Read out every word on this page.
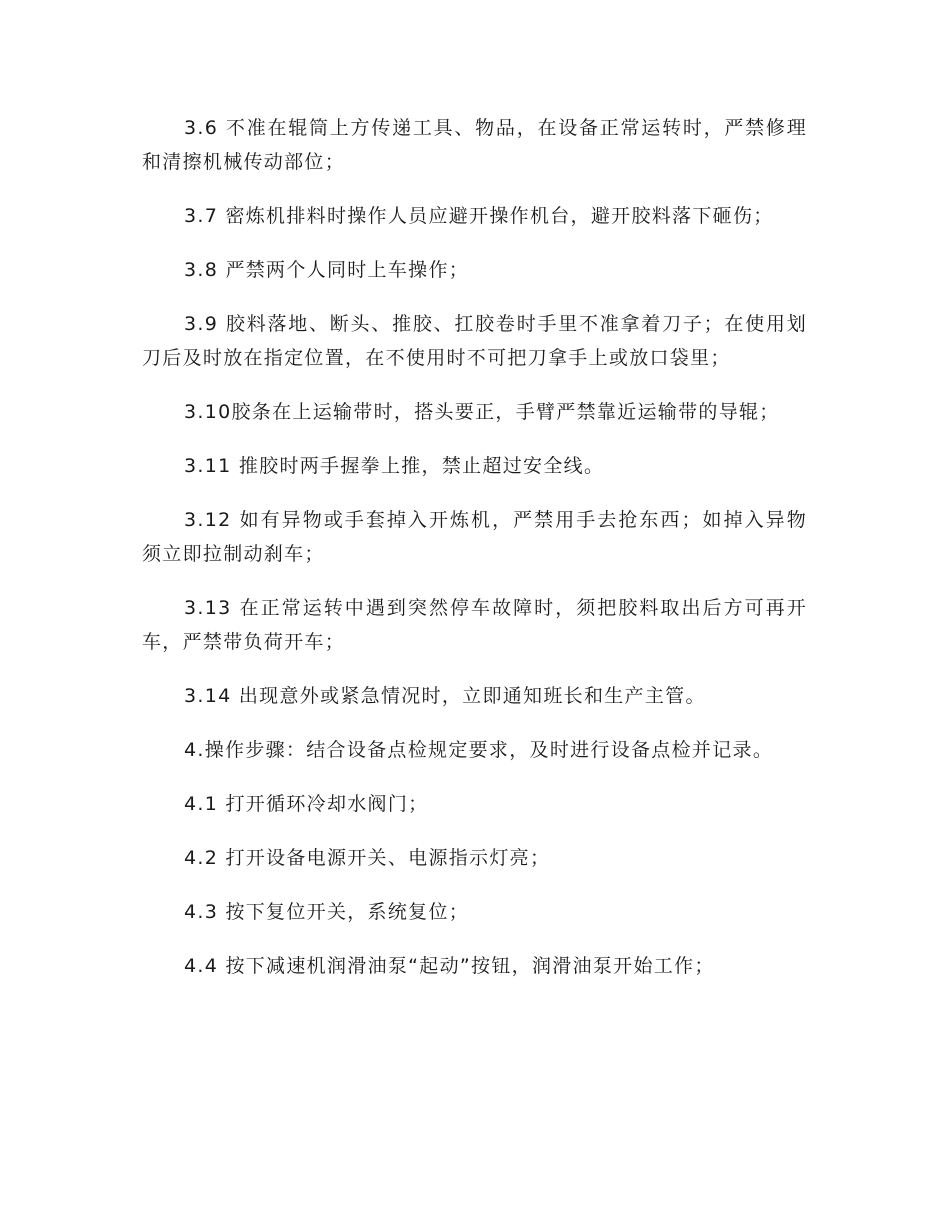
3.6 不准在辊筒上方传递工具、物品，在设备正常运转时，严禁修理和清擦机械传动部位；

3.7 密炼机排料时操作人员应避开操作机台，避开胶料落下砸伤；

3.8 严禁两个人同时上车操作；

3.9 胶料落地、断头、推胶、扛胶卷时手里不准拿着刀子；在使用划刀后及时放在指定位置，在不使用时不可把刀拿手上或放口袋里；

3.10胶条在上运输带时，搭头要正，手臂严禁靠近运输带的导辊；

3.11 推胶时两手握拳上推，禁止超过安全线。

3.12 如有异物或手套掉入开炼机，严禁用手去抢东西；如掉入异物须立即拉制动刹车；

3.13 在正常运转中遇到突然停车故障时，须把胶料取出后方可再开车，严禁带负荷开车；

3.14 出现意外或紧急情况时，立即通知班长和生产主管。

4.操作步骤：结合设备点检规定要求，及时进行设备点检并记录。

4.1 打开循环冷却水阀门；

4.2 打开设备电源开关、电源指示灯亮；

4.3 按下复位开关，系统复位；

4.4 按下减速机润滑油泵“起动”按钮，润滑油泵开始工作；
